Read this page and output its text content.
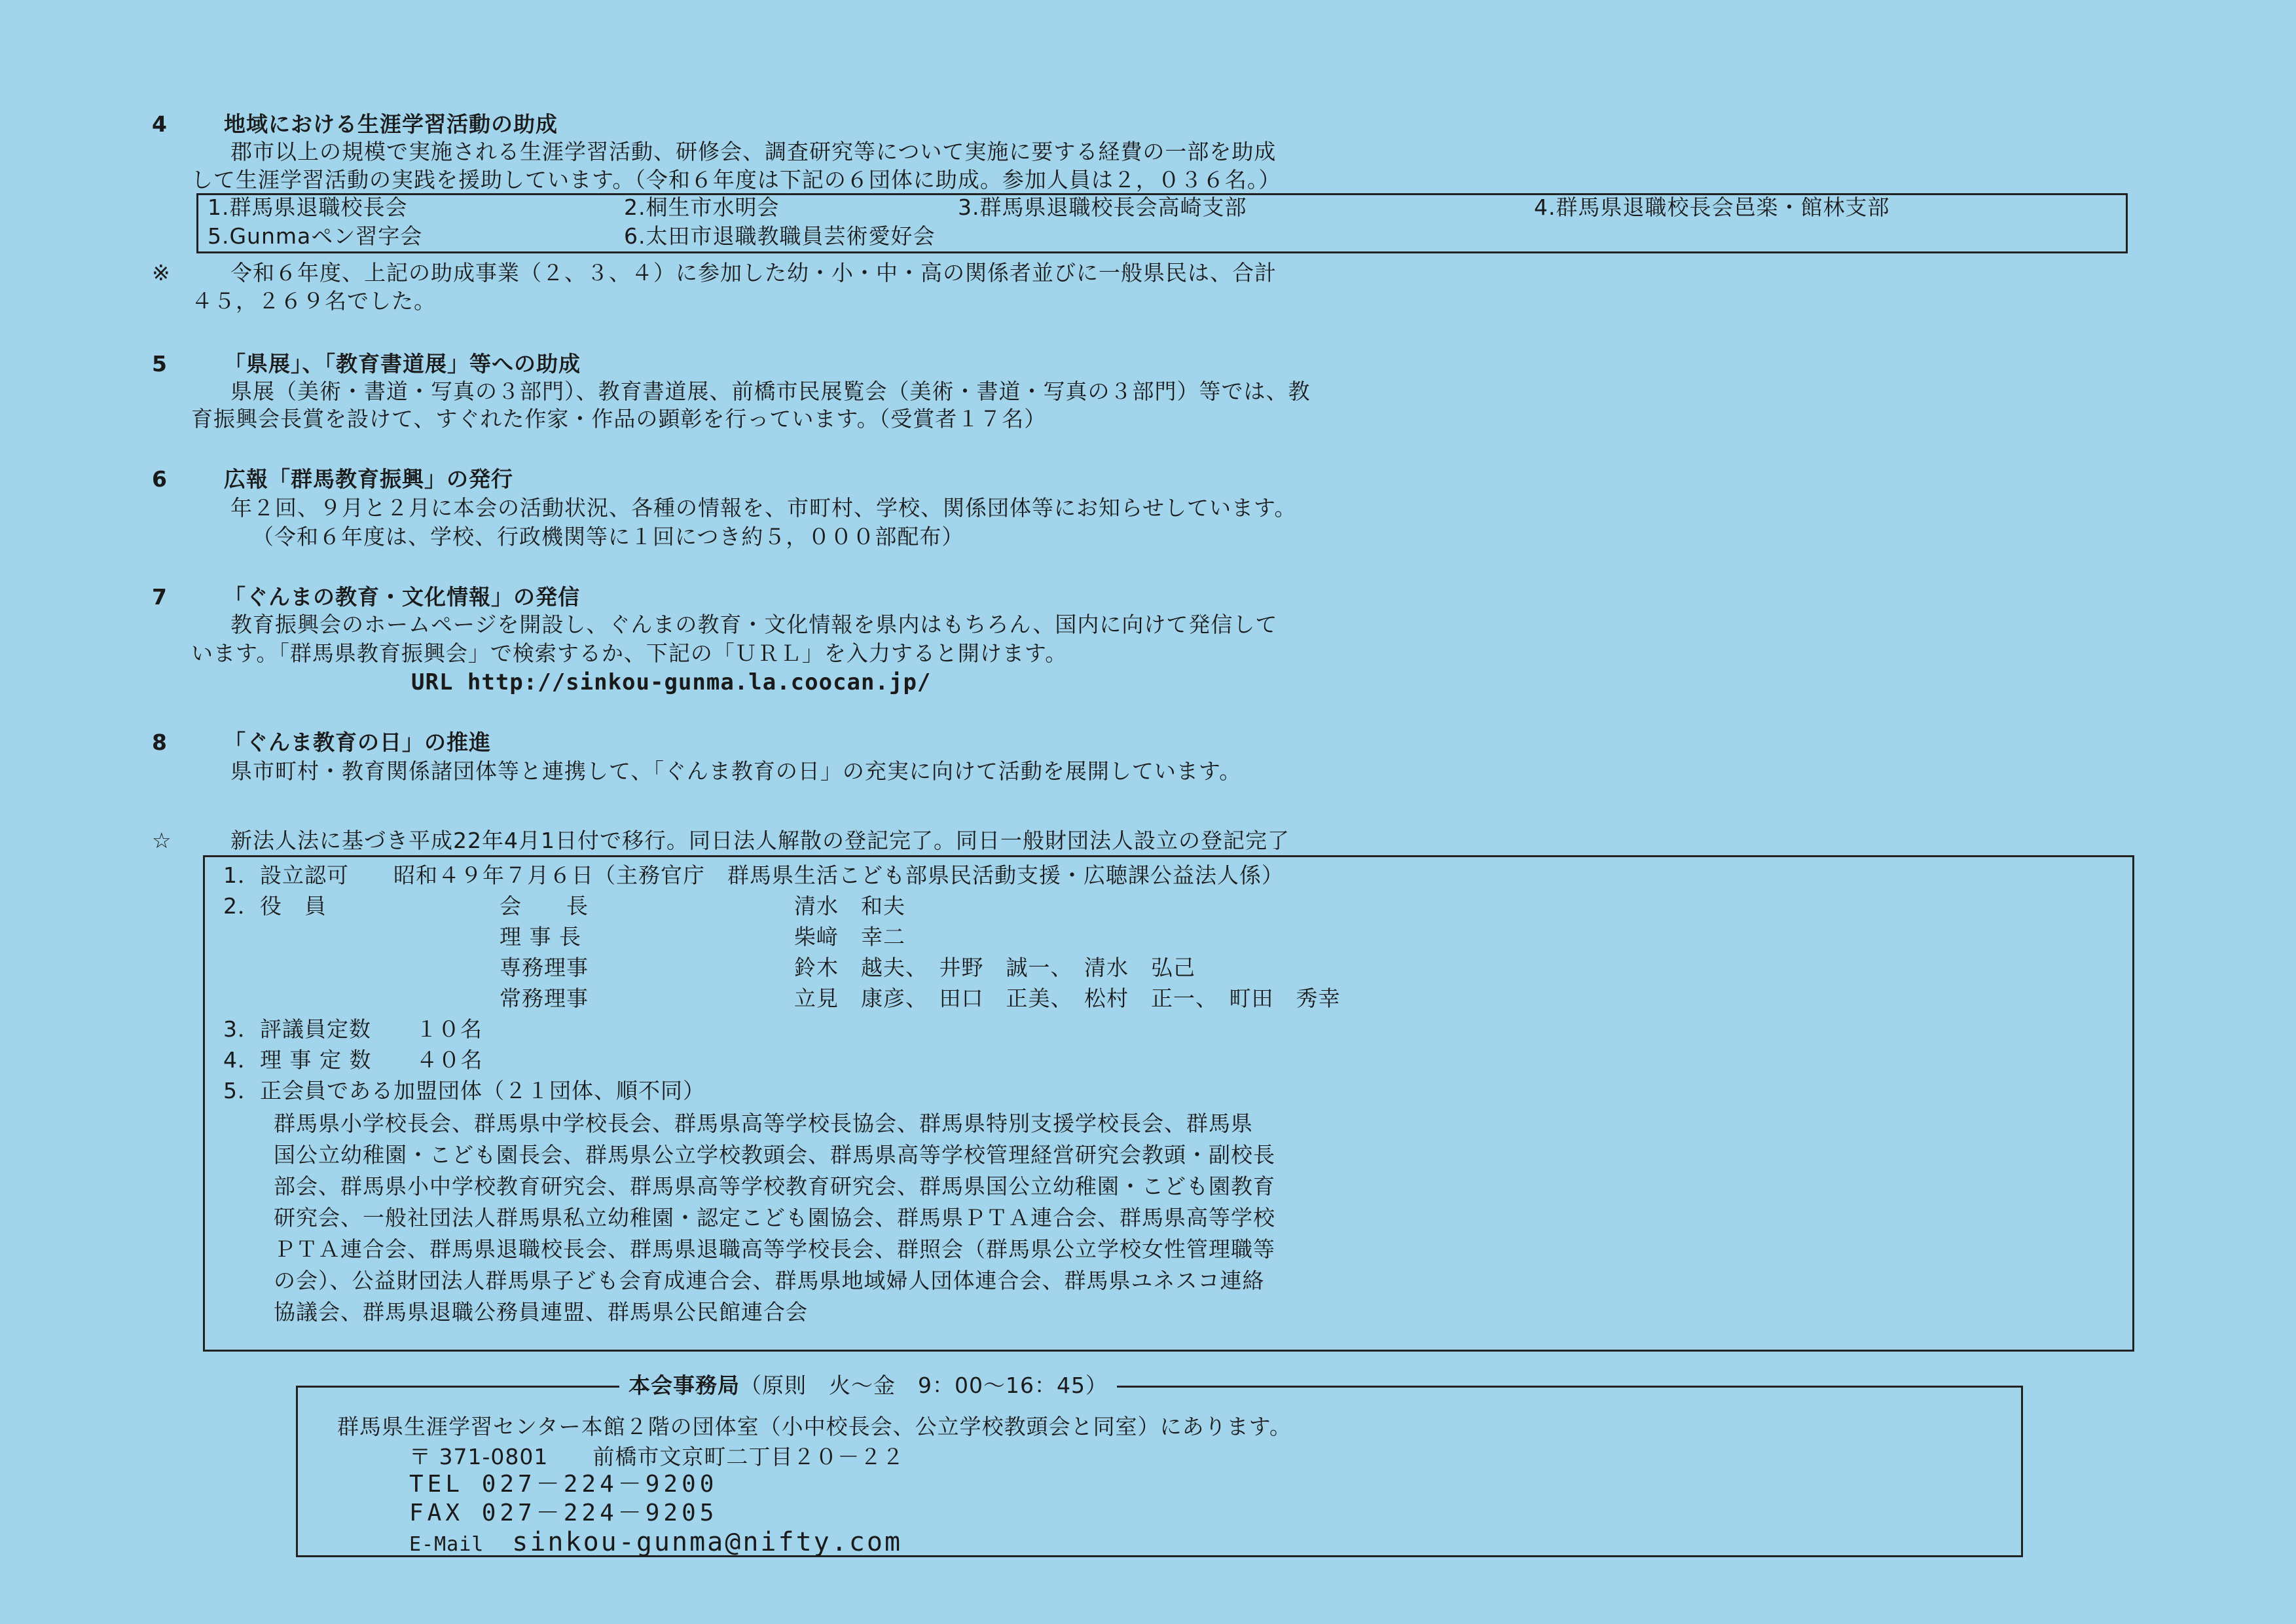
4	地域における生涯学習活動の助成
郡市以上の規模で実施される生涯学習活動、研修会、調査研究等について実施に要する経費の一部を助成
して生涯学習活動の実践を援助しています。（令和６年度は下記の６団体に助成。参加人員は２，０３６名。）
1.群馬県退職校長会	2.桐生市水明会	3.群馬県退職校長会高崎支部	4.群馬県退職校長会邑楽・館林支部
5.Gunmaペン習字会	6.太田市退職教職員芸術愛好会
※	令和６年度、上記の助成事業（２、３、４）に参加した幼・小・中・高の関係者並びに一般県民は、合計
４５，２６９名でした。
5	「県展」、「教育書道展」等への助成
県展（美術・書道・写真の３部門）、教育書道展、前橋市民展覧会（美術・書道・写真の３部門）等では、教
育振興会長賞を設けて、すぐれた作家・作品の顕彰を行っています。（受賞者１７名）
6	広報「群馬教育振興」の発行
年２回、９月と２月に本会の活動状況、各種の情報を、市町村、学校、関係団体等にお知らせしています。
（令和６年度は、学校、行政機関等に１回につき約５，０００部配布）
7	「ぐんまの教育・文化情報」の発信
教育振興会のホームページを開設し、ぐんまの教育・文化情報を県内はもちろん、国内に向けて発信して
います。「群馬県教育振興会」で検索するか、下記の「ＵＲＬ」を入力すると開けます。
URL http://sinkou-gunma.la.coocan.jp/
8	「ぐんま教育の日」の推進
県市町村・教育関係諸団体等と連携して、「ぐんま教育の日」の充実に向けて活動を展開しています。
☆	新法人法に基づき平成22年4月1日付で移行。同日法人解散の登記完了。同日一般財団法人設立の登記完了
1．設立認可　　昭和４９年７月６日（主務官庁　群馬県生活こども部県民活動支援・広聴課公益法人係）
2．役　員	会　　長	清水　和夫
理 事 長	柴﨑　幸二
専務理事	鈴木　越夫、　井野　誠一、　清水　弘己
常務理事	立見　康彦、　田口　正美、　松村　正一、　町田　秀幸
3．評議員定数　　１０名
4．理 事 定 数　　４０名
5．正会員である加盟団体（２１団体、順不同）
群馬県小学校長会、群馬県中学校長会、群馬県高等学校長協会、群馬県特別支援学校長会、群馬県
国公立幼稚園・こども園長会、群馬県公立学校教頭会、群馬県高等学校管理経営研究会教頭・副校長
部会、群馬県小中学校教育研究会、群馬県高等学校教育研究会、群馬県国公立幼稚園・こども園教育
研究会、一般社団法人群馬県私立幼稚園・認定こども園協会、群馬県ＰＴＡ連合会、群馬県高等学校
ＰＴＡ連合会、群馬県退職校長会、群馬県退職高等学校長会、群照会（群馬県公立学校女性管理職等
の会）、公益財団法人群馬県子ども会育成連合会、群馬県地域婦人団体連合会、群馬県ユネスコ連絡
協議会、群馬県退職公務員連盟、群馬県公民館連合会
群馬県生涯学習センター本館２階の団体室（小中校長会、公立学校教頭会と同室）にあります。
〒 371-0801　　前橋市文京町二丁目２０－２２
TEL 027－224－9200
FAX 027－224－9205
E-Mail sinkou-gunma@nifty.com
本会事務局（原則　火～金　9：00～16：45）
